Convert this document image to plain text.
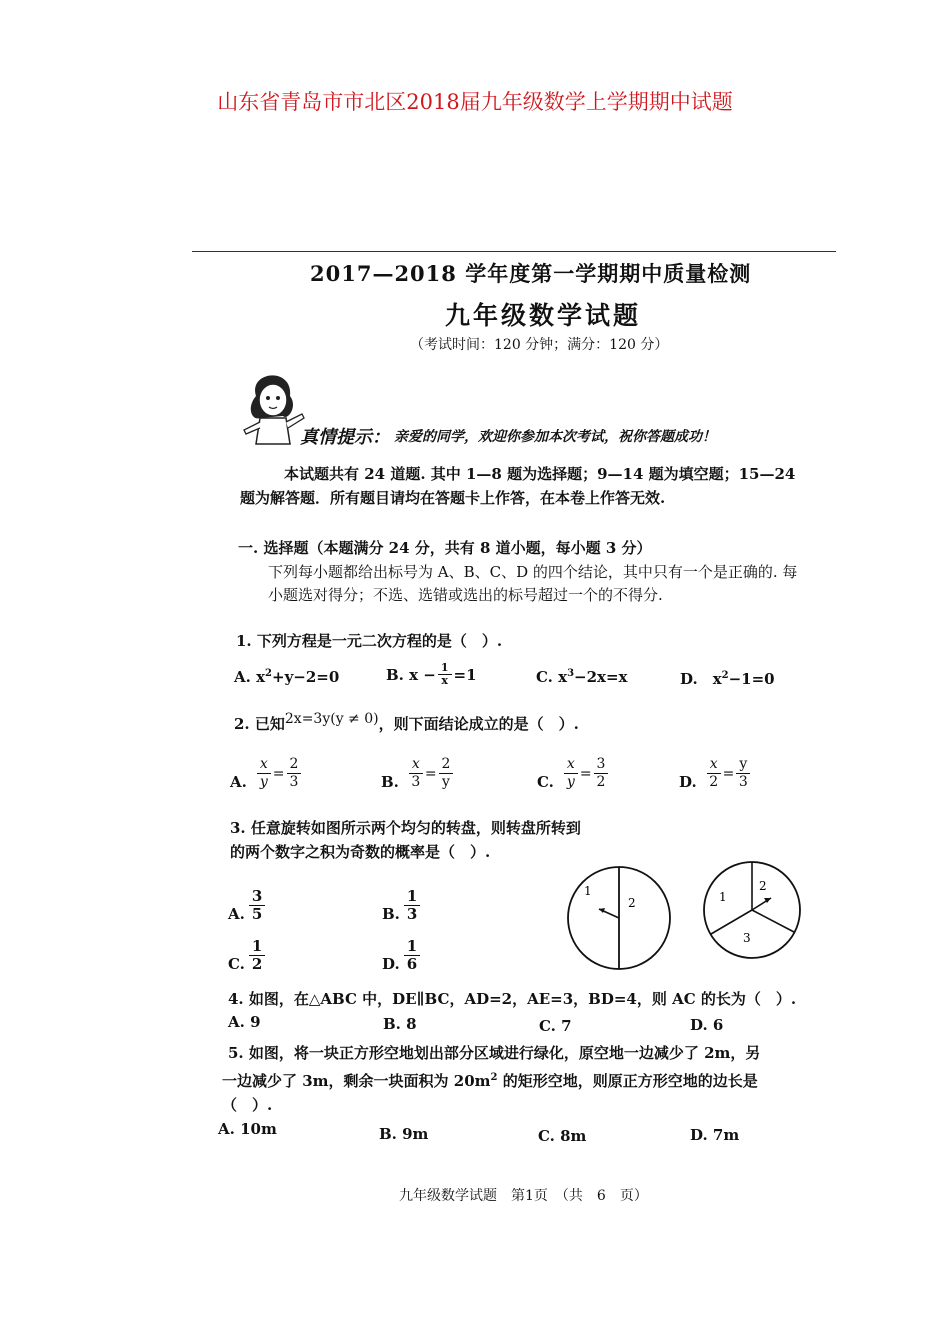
山东省青岛市市北区2018届九年级数学上学期期中试题
2017—2018 学年度第一学期期中质量检测
九年级数学试题
（考试时间：120 分钟；满分：120 分）
真情提示： 亲爱的同学，欢迎你参加本次考试，祝你答题成功！
本试题共有 24 道题. 其中 1—8 题为选择题；9—14 题为填空题；15—24
题为解答题．所有题目请均在答题卡上作答，在本卷上作答无效.
一. 选择题（本题满分 24 分，共有 8 道小题，每小题 3 分）
下列每小题都给出标号为 A、B、C、D 的四个结论，其中只有一个是正确的. 每
小题选对得分；不选、选错或选出的标号超过一个的不得分.
1. 下列方程是一元二次方程的是（　）.
A. $x^2+y-2=0$	B. $x - \frac{1}{x} =1$	C. $x^3-2x=x$	D.　$x^2-1=0$
2. 已知2x=3y(y ≠ 0)，则下面结论成立的是（　）.
A. $\frac{x}{y} = \frac{2}{3}$	B. $\frac{x}{3} = \frac{2}{y}$	C. $\frac{x}{y} = \frac{3}{2}$	D. $\frac{x}{2} = \frac{y}{3}$
3. 任意旋转如图所示两个均匀的转盘，则转盘所转到
的两个数字之积为奇数的概率是（　）.
A. $\frac{3}{5}$	B. $\frac{1}{3}$
C. $\frac{1}{2}$	D. $\frac{1}{6}$
1
2	1
2
3
4. 如图，在△ABC 中，DE∥BC，AD=2，AE=3，BD=4，则 AC 的长为（　）.
A. 9	B. 8	C. 7	D. 6
5. 如图，将一块正方形空地划出部分区域进行绿化，原空地一边减少了 2m，另
一边减少了 3m，剩余一块面积为 $20m^2$ 的矩形空地，则原正方形空地的边长是
（　）.
A. 10m	B. 9m	C. 8m	D. 7m
九年级数学试题　第1页　（共　6　页）
